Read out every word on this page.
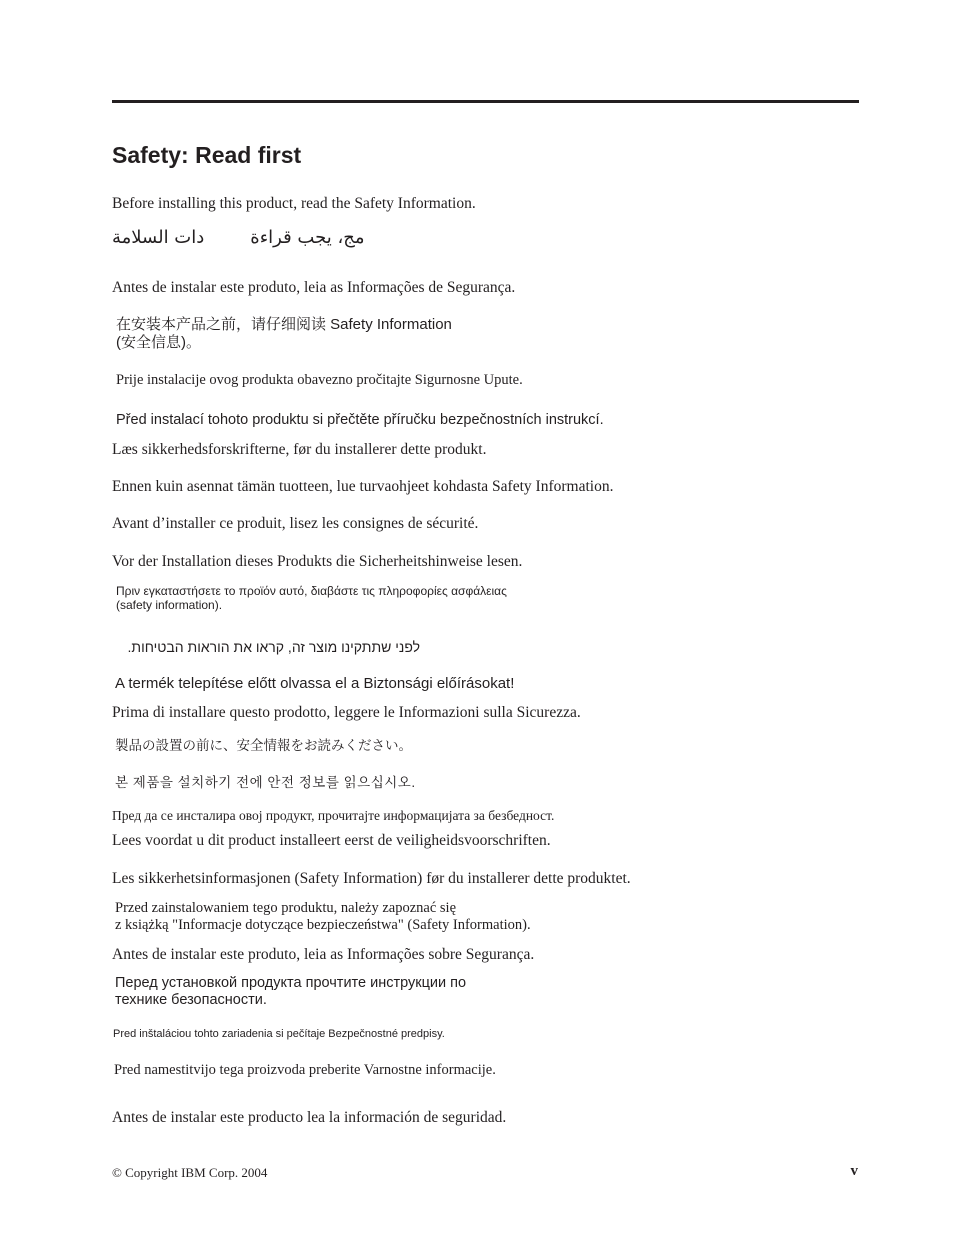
Safety: Read first
Before installing this product, read the Safety Information.
مج، يجب قراءةدات السلامة
Antes de instalar este produto, leia as Informações de Segurança.
在安装本产品之前，请仔细阅读 Safety Information
(安全信息)。
Prije instalacije ovog produkta obavezno pročitajte Sigurnosne Upute.
Před instalací tohoto produktu si přečtěte příručku bezpečnostních instrukcí.
Læs sikkerhedsforskrifterne, før du installerer dette produkt.
Ennen kuin asennat tämän tuotteen, lue turvaohjeet kohdasta Safety Information.
Avant d’installer ce produit, lisez les consignes de sécurité.
Vor der Installation dieses Produkts die Sicherheitshinweise lesen.
Πριν εγκαταστήσετε το προϊόν αυτό, διαβάστε τις πληροφορίες ασφάλειας
(safety information).
לפני שתתקינו מוצר זה, קראו את הוראות הבטיחות.
A termék telepítése előtt olvassa el a Biztonsági előírásokat!
Prima di installare questo prodotto, leggere le Informazioni sulla Sicurezza.
製品の設置の前に、安全情報をお読みください。
본 제품을 설치하기 전에 안전 정보를 읽으십시오.
Пред да се инсталира овој продукт, прочитајте информацијата за безбедност.
Lees voordat u dit product installeert eerst de veiligheidsvoorschriften.
Les sikkerhetsinformasjonen (Safety Information) før du installerer dette produktet.
Przed zainstalowaniem tego produktu, należy zapoznać się
z książką "Informacje dotyczące bezpieczeństwa" (Safety Information).
Antes de instalar este produto, leia as Informações sobre Segurança.
Перед установкой продукта прочтите инструкции по
технике безопасности.
Pred inštaláciou tohto zariadenia si pečítaje Bezpečnostné predpisy.
Pred namestitvijo tega proizvoda preberite Varnostne informacije.
Antes de instalar este producto lea la información de seguridad.
© Copyright IBM Corp. 2004	v
